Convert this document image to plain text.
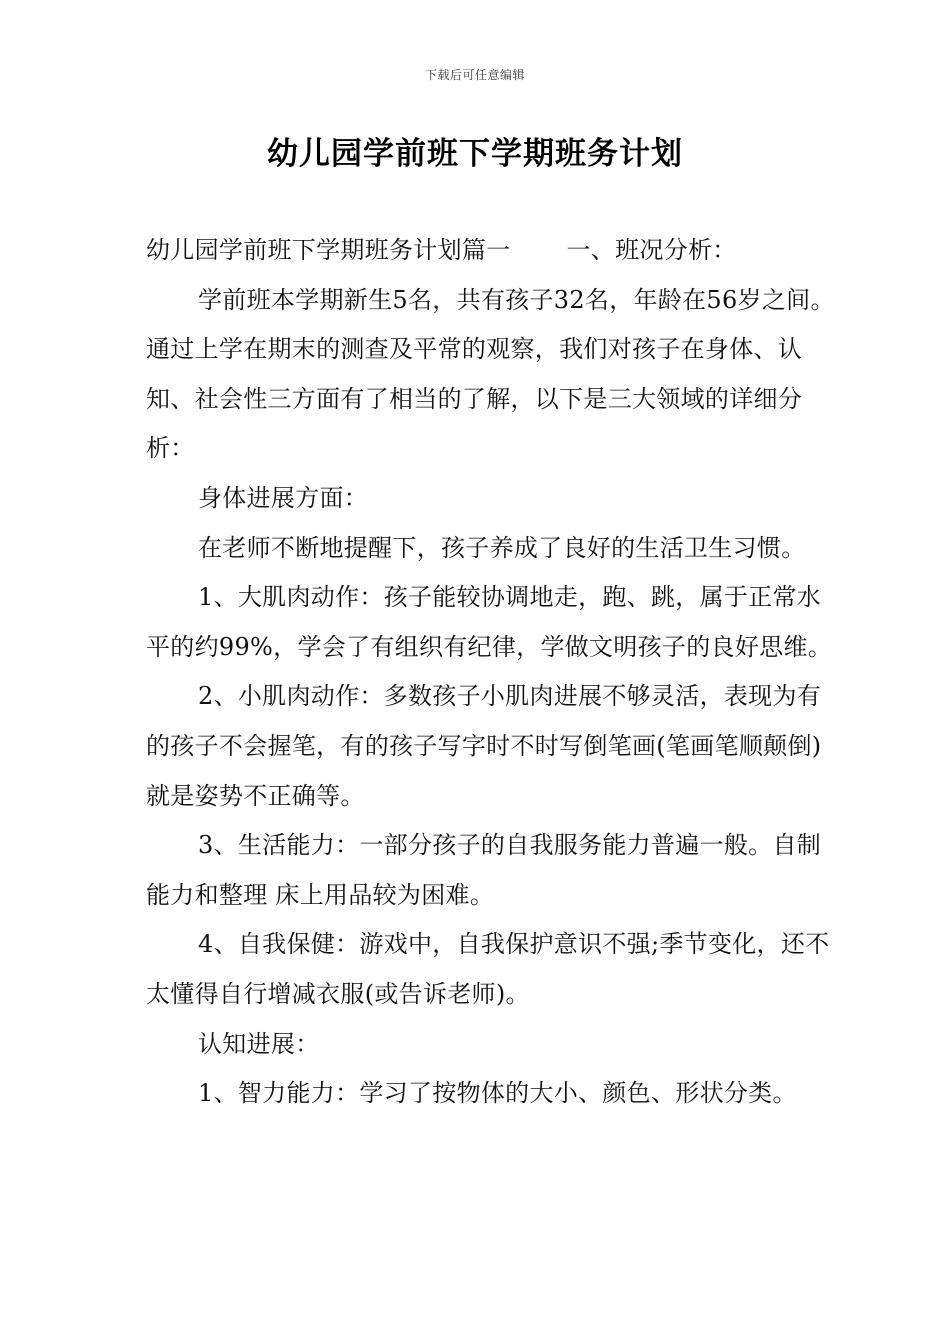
下载后可任意编辑
幼儿园学前班下学期班务计划

幼儿园学前班下学期班务计划篇一 一、班况分析：

学前班本学期新生5名，共有孩子32名，年龄在56岁之间。通过上学在期末的测查及平常的观察，我们对孩子在身体、认知、社会性三方面有了相当的了解，以下是三大领域的详细分析：

身体进展方面：

在老师不断地提醒下，孩子养成了良好的生活卫生习惯。

1、大肌肉动作：孩子能较协调地走，跑、跳，属于正常水平的约99%，学会了有组织有纪律，学做文明孩子的良好思维。

2、小肌肉动作：多数孩子小肌肉进展不够灵活，表现为有的孩子不会握笔，有的孩子写字时不时写倒笔画(笔画笔顺颠倒)就是姿势不正确等。

3、生活能力：一部分孩子的自我服务能力普遍一般。自制能力和整理 床上用品较为困难。

4、自我保健：游戏中，自我保护意识不强;季节变化，还不太懂得自行增减衣服(或告诉老师)。

认知进展：

1、智力能力：学习了按物体的大小、颜色、形状分类。
